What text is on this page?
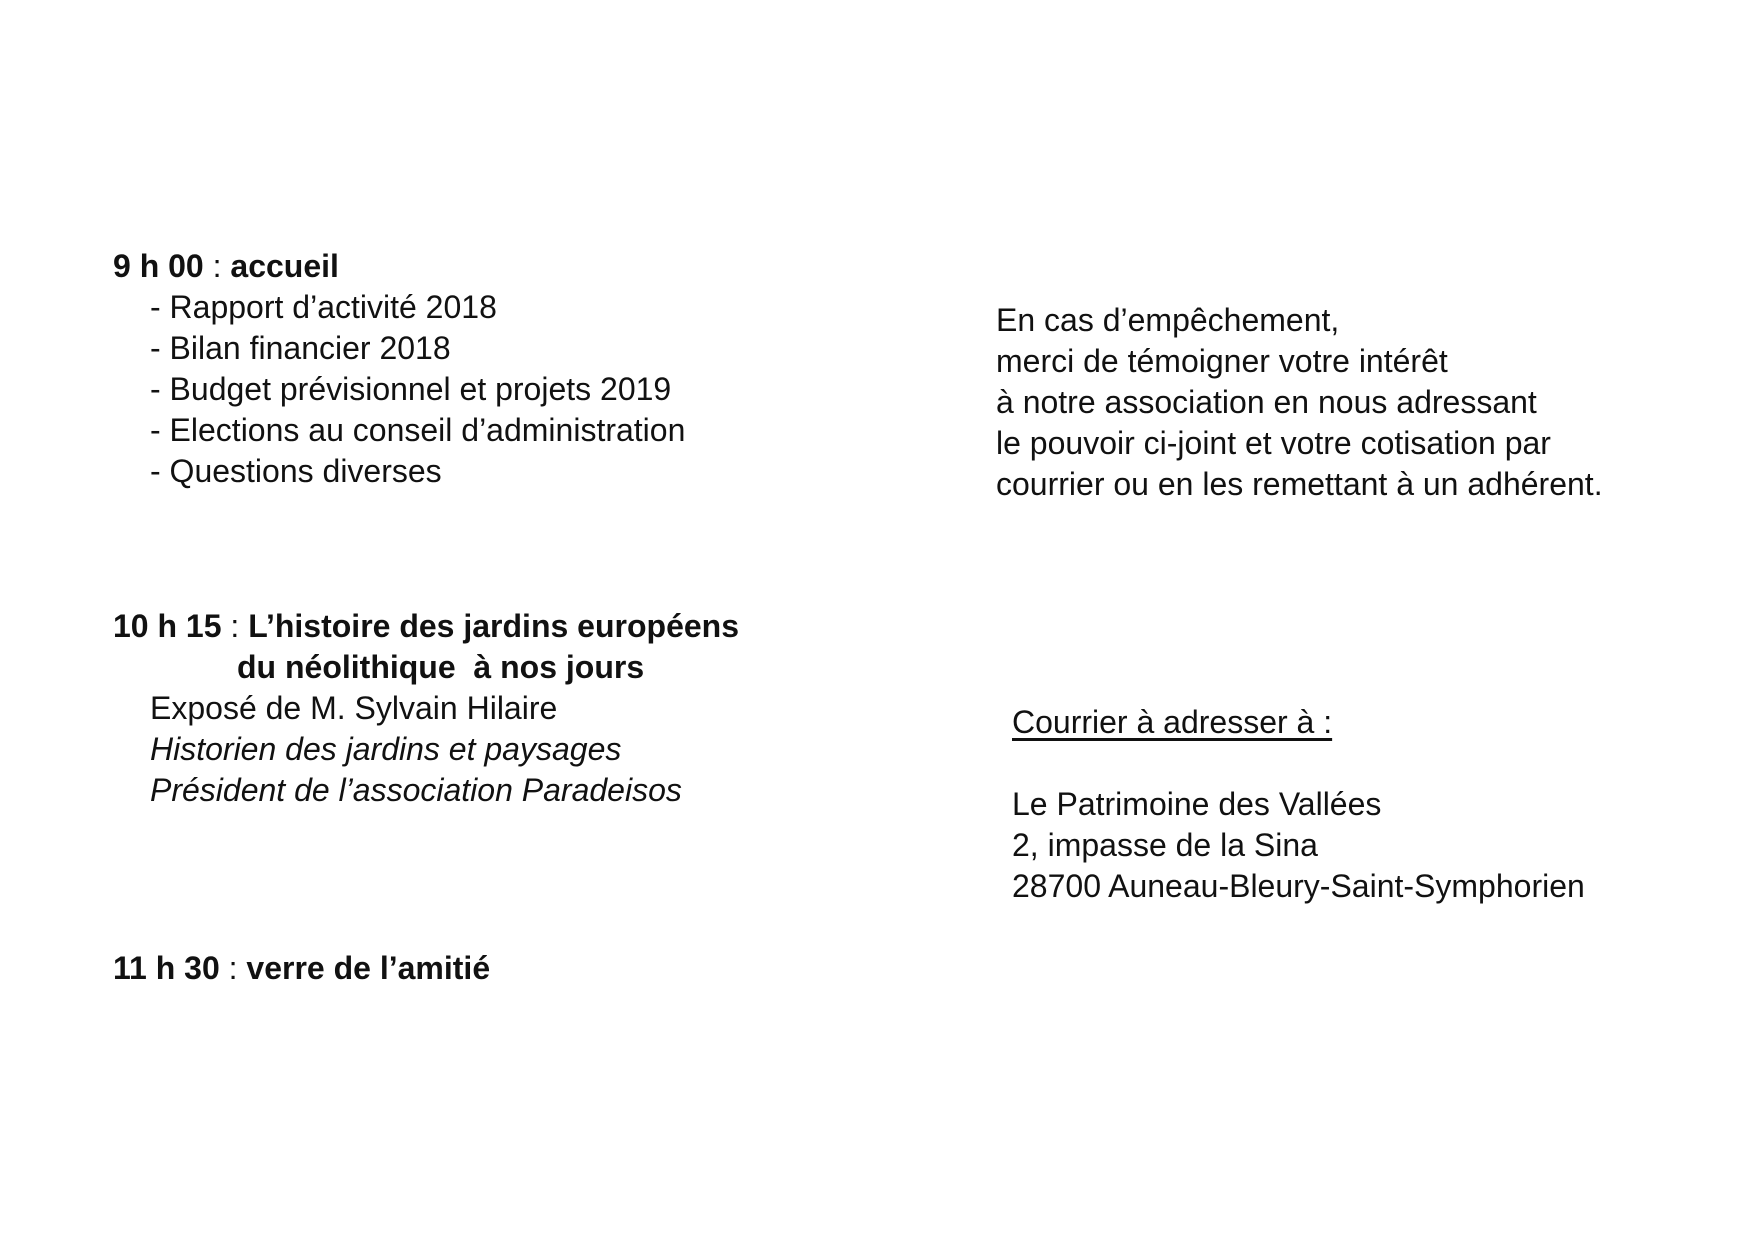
9 h 00 : accueil
- Rapport d’activité 2018
- Bilan financier 2018
- Budget prévisionnel et projets 2019
- Elections au conseil d’administration
- Questions diverses
10 h 15 : L’histoire des jardins européens
du néolithique  à nos jours
Exposé de M. Sylvain Hilaire
Historien des jardins et paysages
Président de l’association Paradeisos
11 h 30 : verre de l’amitié
En cas d’empêchement,
merci de témoigner votre intérêt
à notre association en nous adressant
le pouvoir ci-joint et votre cotisation par
courrier ou en les remettant à un adhérent.
Courrier à adresser à :
Le Patrimoine des Vallées
2, impasse de la Sina
28700 Auneau-Bleury-Saint-Symphorien
